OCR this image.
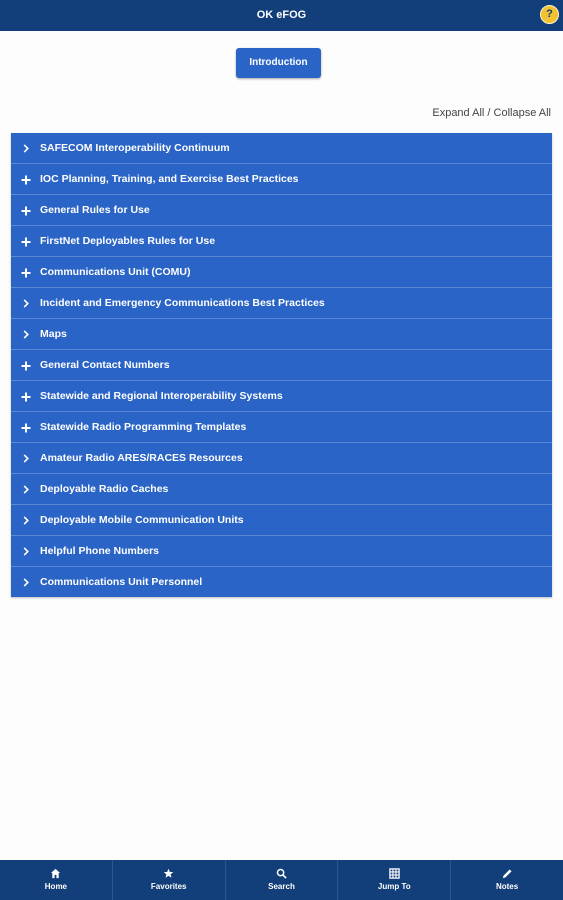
OK eFOG	?
Introduction
Expand All / Collapse All
SAFECOM Interoperability Continuum
IOC Planning, Training, and Exercise Best Practices
General Rules for Use
FirstNet Deployables Rules for Use
Communications Unit (COMU)
Incident and Emergency Communications Best Practices
Maps
General Contact Numbers
Statewide and Regional Interoperability Systems
Statewide Radio Programming Templates
Amateur Radio ARES/RACES Resources
Deployable Radio Caches
Deployable Mobile Communication Units
Helpful Phone Numbers
Communications Unit Personnel
Home	Favorites	Search	Jump To	Notes
